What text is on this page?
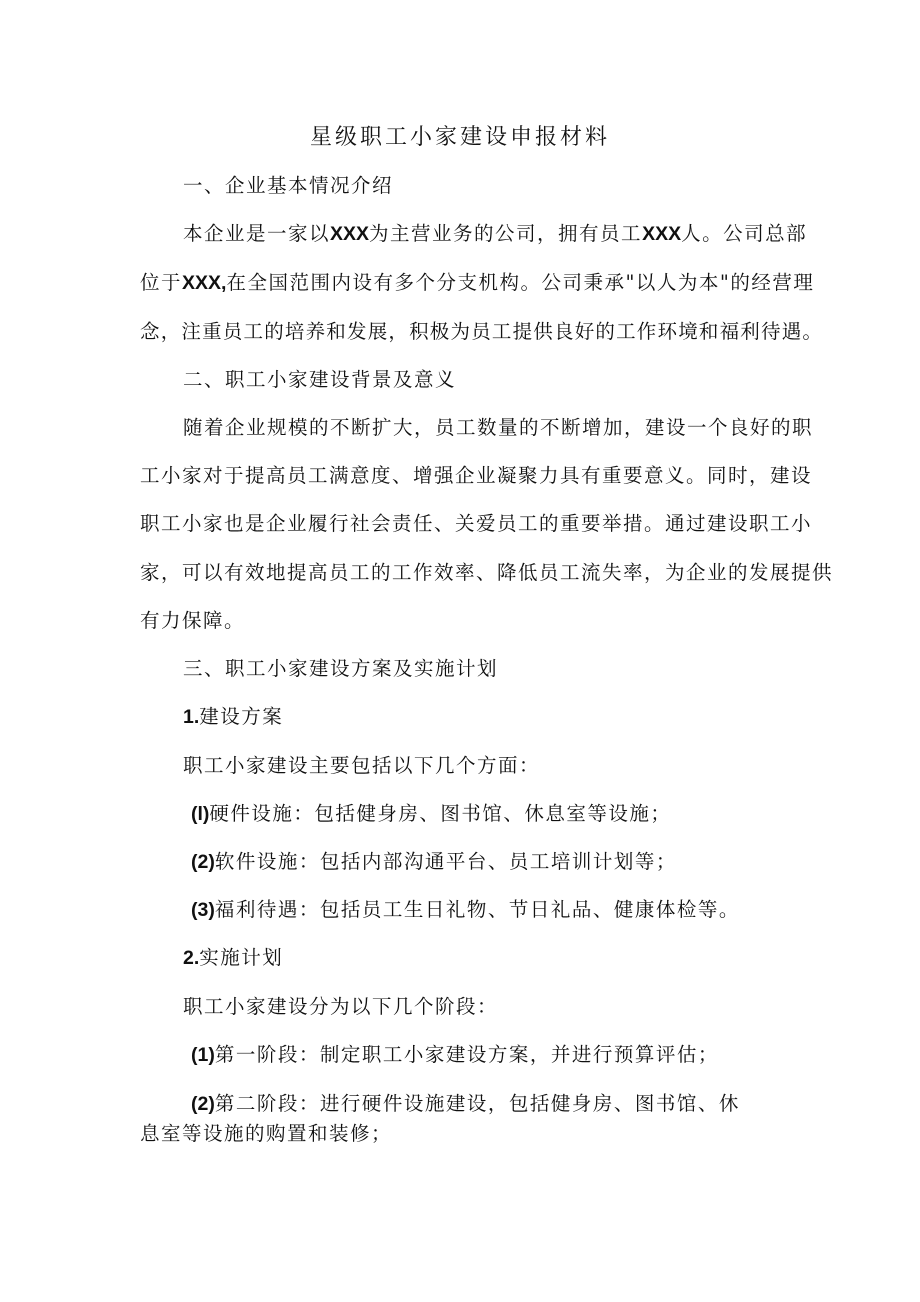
星级职工小家建设申报材料
一、企业基本情况介绍
本企业是一家以XXX为主营业务的公司，拥有员工XXX人。公司总部
位于XXX,在全国范围内设有多个分支机构。公司秉承"以人为本"的经营理
念，注重员工的培养和发展，积极为员工提供良好的工作环境和福利待遇。
二、职工小家建设背景及意义
随着企业规模的不断扩大，员工数量的不断增加，建设一个良好的职
工小家对于提高员工满意度、增强企业凝聚力具有重要意义。同时，建设
职工小家也是企业履行社会责任、关爱员工的重要举措。通过建设职工小
家，可以有效地提高员工的工作效率、降低员工流失率，为企业的发展提供
有力保障。
三、职工小家建设方案及实施计划
1.建设方案
职工小家建设主要包括以下几个方面：
(l)硬件设施：包括健身房、图书馆、休息室等设施；
(2)软件设施：包括内部沟通平台、员工培训计划等；
(3)福利待遇：包括员工生日礼物、节日礼品、健康体检等。
2.实施计划
职工小家建设分为以下几个阶段：
(1)第一阶段：制定职工小家建设方案，并进行预算评估；
(2)第二阶段：进行硬件设施建设，包括健身房、图书馆、休
息室等设施的购置和装修；
